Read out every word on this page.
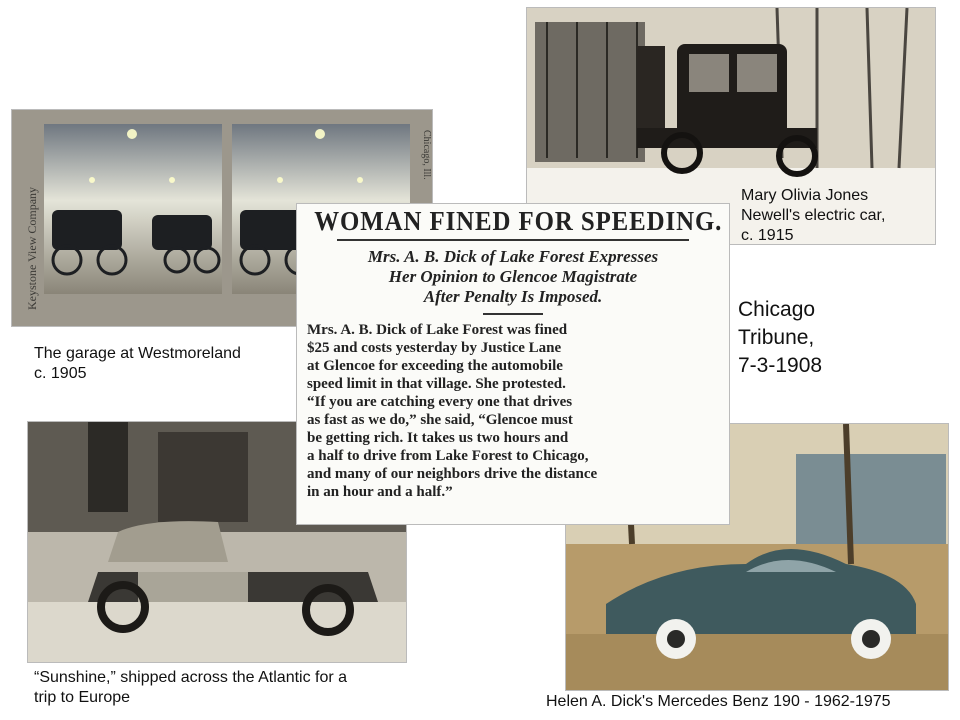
Keystone View Company
Chicago, Ill.
WOMAN FINED FOR SPEEDING.
Mrs. A. B. Dick of Lake Forest Expresses
Her Opinion to Glencoe Magistrate
After Penalty Is Imposed.
Mrs. A. B. Dick of Lake Forest was fined
$25 and costs yesterday by Justice Lane
at Glencoe for exceeding the automobile
speed limit in that village. She protested.
“If you are catching every one that drives
as fast as we do,” she said, “Glencoe must
be getting rich. It takes us two hours and
a half to drive from Lake Forest to Chicago,
and many of our neighbors drive the distance
in an hour and a half.”
The garage at Westmoreland
c. 1905
Mary Olivia Jones
Newell's electric car,
c. 1915
Chicago
Tribune,
7-3-1908
“Sunshine,” shipped across the Atlantic for a
trip to Europe	Helen A. Dick's Mercedes Benz 190 - 1962-1975
